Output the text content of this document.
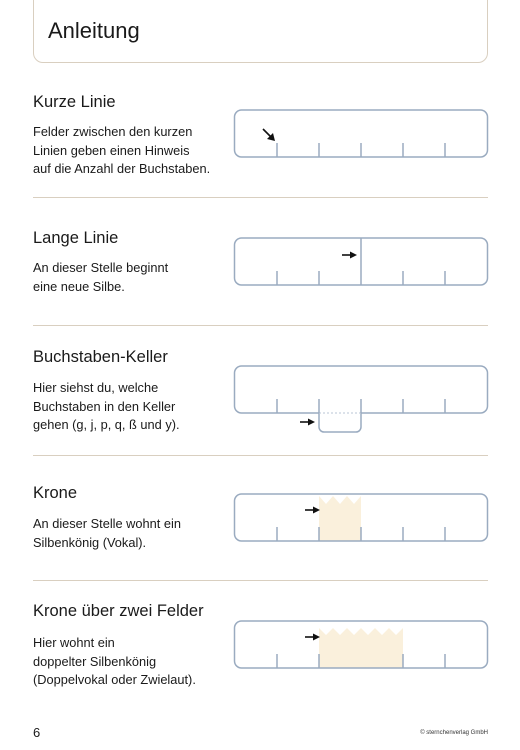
Anleitung
Kurze Linie
Felder zwischen den kurzen
Linien geben einen Hinweis
auf die Anzahl der Buchstaben.
Lange Linie
An dieser Stelle beginnt
eine neue Silbe.
Buchstaben-Keller
Hier siehst du, welche
Buchstaben in den Keller
gehen (g, j, p, q, ß und y).
Krone
An dieser Stelle wohnt ein
Silbenkönig (Vokal).
Krone über zwei Felder
Hier wohnt ein
doppelter Silbenkönig
(Doppelvokal oder Zwielaut).
6	© sternchenverlag GmbH
